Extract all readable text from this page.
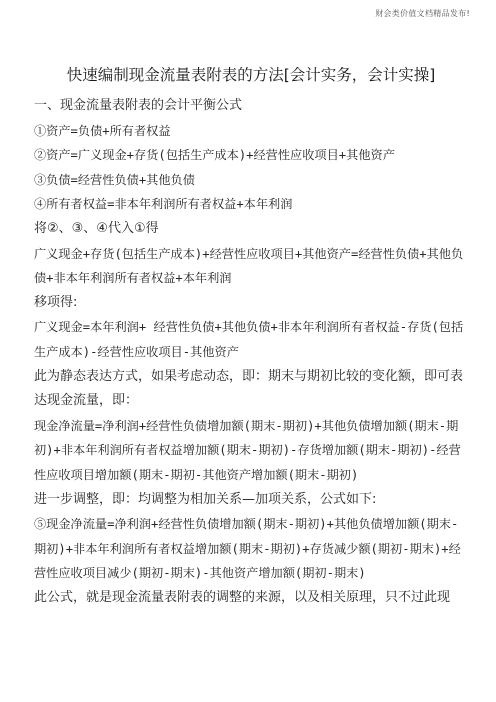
财会类价值文档精品发布!
快速编制现金流量表附表的方法[会计实务，会计实操]

一、现金流量表附表的会计平衡公式

①资产=负债+所有者权益

②资产=广义现金+存货(包括生产成本)+经营性应收项目+其他资产

③负债=经营性负债+其他负债

④所有者权益=非本年利润所有者权益+本年利润

将②、③、④代入①得

广义现金+存货(包括生产成本)+经营性应收项目+其他资产=经营性负债+其他负债+非本年利润所有者权益+本年利润

移项得:

广义现金=本年利润+ 经营性负债+其他负债+非本年利润所有者权益-存货(包括生产成本)-经营性应收项目-其他资产

此为静态表达方式，如果考虑动态，即：期末与期初比较的变化额，即可表达现金流量，即：

现金净流量=净利润+经营性负债增加额(期末-期初)+其他负债增加额(期末-期初)+非本年利润所有者权益增加额(期末-期初)-存货增加额(期末-期初)-经营性应收项目增加额(期末-期初-其他资产增加额(期末-期初)

进一步调整，即：均调整为相加关系—加项关系，公式如下:

⑤现金净流量=净利润+经营性负债增加额(期末-期初)+其他负债增加额(期末-期初)+非本年利润所有者权益增加额(期末-期初)+存货减少额(期初-期末)+经营性应收项目减少(期初-期末)-其他资产增加额(期初-期末)

此公式，就是现金流量表附表的调整的来源，以及相关原理，只不过此现
